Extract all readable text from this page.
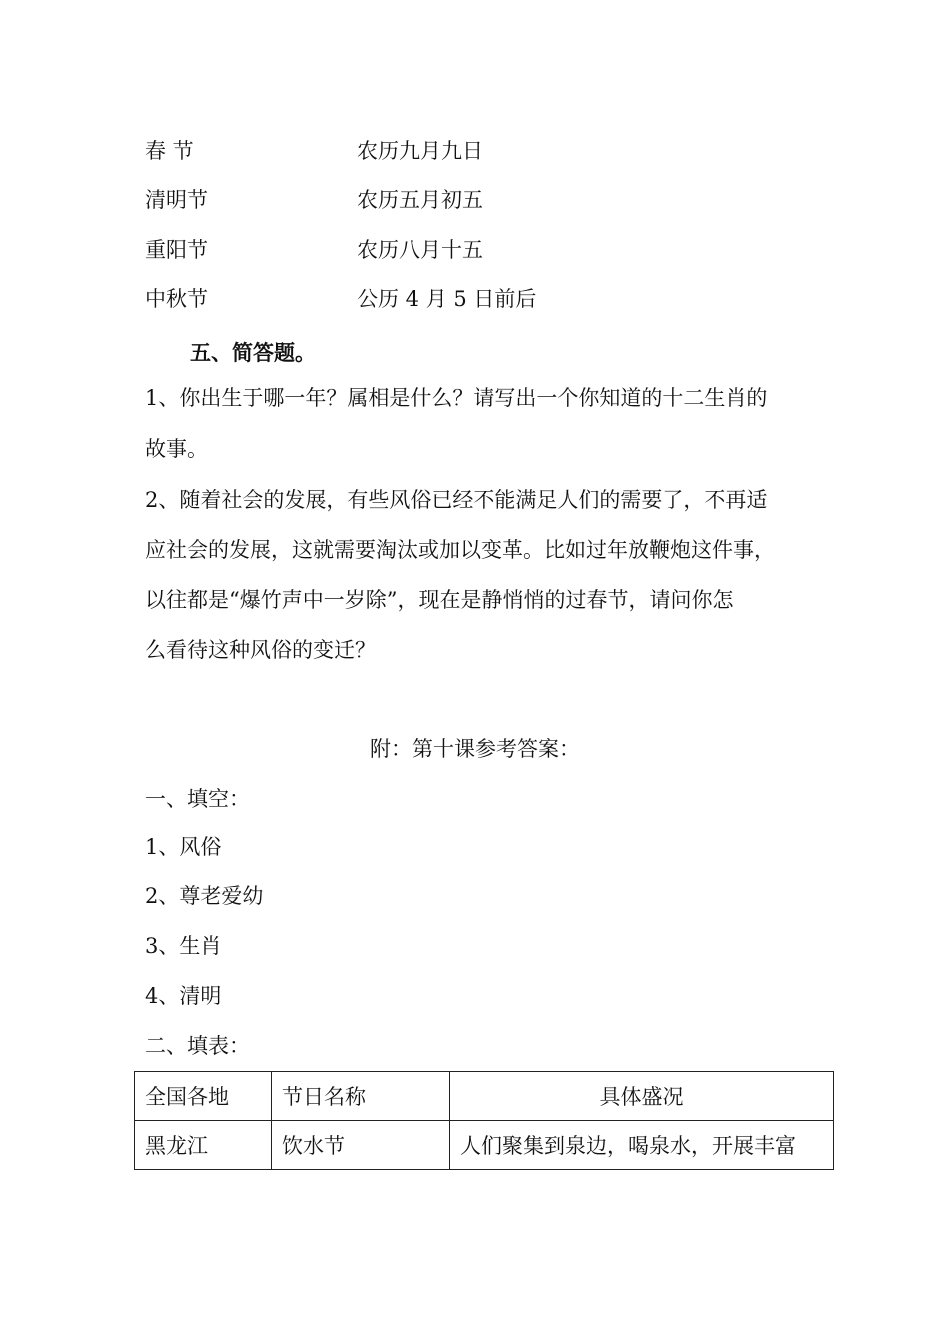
春 节	农历九月九日
清明节	农历五月初五
重阳节	农历八月十五
中秋节	公历 4 月 5 日前后
五、简答题。
1、你出生于哪一年？属相是什么？请写出一个你知道的十二生肖的
故事。
2、随着社会的发展，有些风俗已经不能满足人们的需要了，不再适
应社会的发展，这就需要淘汰或加以变革。比如过年放鞭炮这件事，
以往都是“爆竹声中一岁除”，现在是静悄悄的过春节，请问你怎
么看待这种风俗的变迁？
附：第十课参考答案：
一、填空：
1、风俗
2、尊老爱幼
3、生肖
4、清明
二、填表：
全国各地	节日名称	具体盛况
黑龙江	饮水节	人们聚集到泉边，喝泉水，开展丰富
